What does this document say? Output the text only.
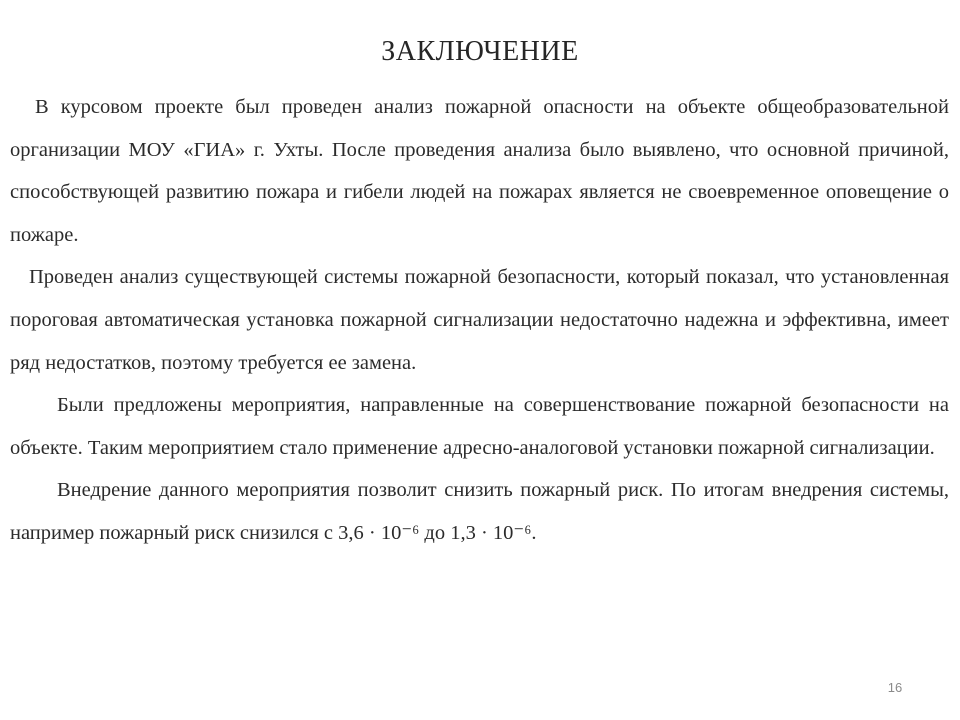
ЗАКЛЮЧЕНИЕ

В курсовом проекте был проведен анализ пожарной опасности на объекте общеобразовательной организации МОУ «ГИА» г. Ухты. После проведения анализа было выявлено, что основной причиной, способствующей развитию пожара и гибели людей на пожарах является не своевременное оповещение о пожаре.

Проведен анализ существующей системы пожарной безопасности, который показал, что установленная пороговая автоматическая установка пожарной сигнализации недостаточно надежна и эффективна, имеет ряд недостатков, поэтому требуется ее замена.

Были предложены мероприятия, направленные на совершенствование пожарной безопасности на объекте. Таким мероприятием стало применение адресно-аналоговой установки пожарной сигнализации.

Внедрение данного мероприятия позволит снизить пожарный риск. По итогам внедрения системы, например пожарный риск снизился с 3,6 · 10⁻⁶ до 1,3 · 10⁻⁶.

16
